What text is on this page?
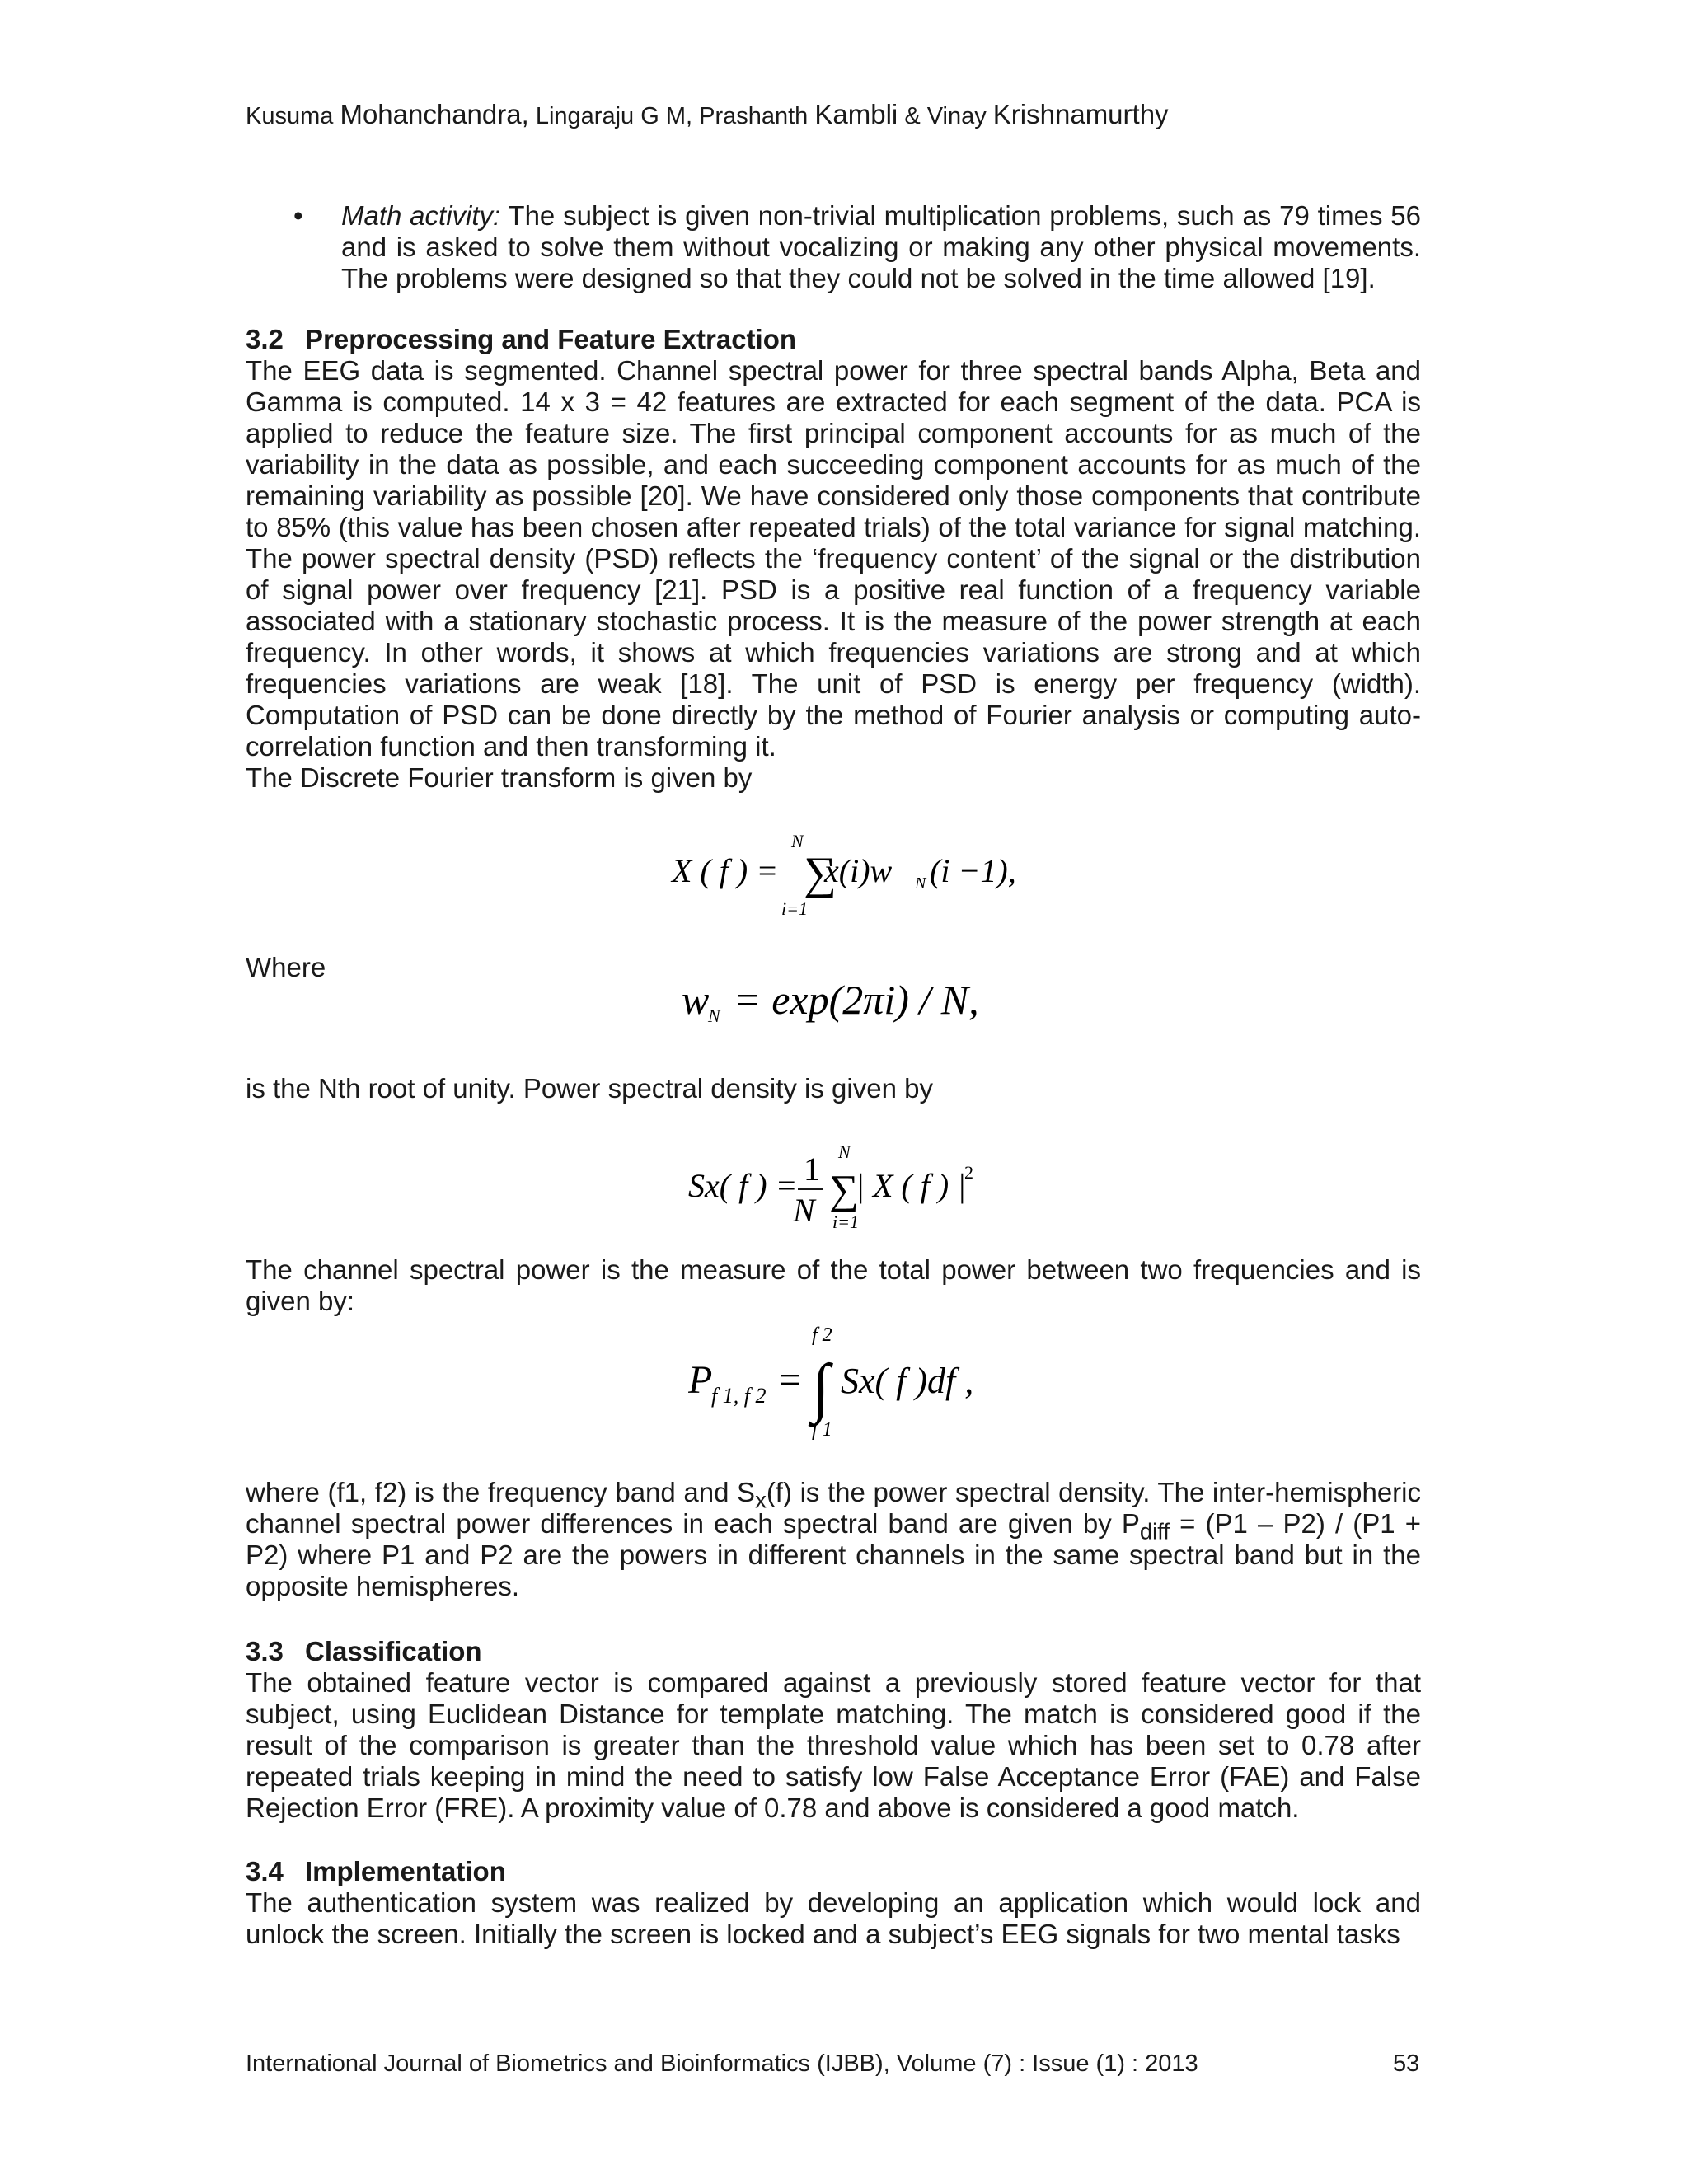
Kusuma Mohanchandra, Lingaraju G M, Prashanth Kambli & Vinay Krishnamurthy
• Math activity: The subject is given non-trivial multiplication problems, such as 79 times 56 and is asked to solve them without vocalizing or making any other physical movements. The problems were designed so that they could not be solved in the time allowed [19].

3.2 Preprocessing and Feature Extraction

The EEG data is segmented. Channel spectral power for three spectral bands Alpha, Beta and Gamma is computed. 14 x 3 = 42 features are extracted for each segment of the data. PCA is applied to reduce the feature size. The first principal component accounts for as much of the variability in the data as possible, and each succeeding component accounts for as much of the remaining variability as possible [20]. We have considered only those components that contribute to 85% (this value has been chosen after repeated trials) of the total variance for signal matching. The power spectral density (PSD) reflects the ‘frequency content’ of the signal or the distribution of signal power over frequency [21]. PSD is a positive real function of a frequency variable associated with a stationary stochastic process. It is the measure of the power strength at each frequency. In other words, it shows at which frequencies variations are strong and at which frequencies variations are weak [18]. The unit of PSD is energy per frequency (width). Computation of PSD can be done directly by the method of Fourier analysis or computing auto-correlation function and then transforming it.

The Discrete Fourier transform is given by

X ( f ) = ∑
N
i=1
x(i)w N (i −1),
Where
w
N = exp(2πi) / N,

is the Nth root of unity. Power spectral density is given by

Sx( f ) = 1
N ∑
N
i=1
| X ( f ) |
2

The channel spectral power is the measure of the total power between two frequencies and is given by:

P
f 1, f 2 = ∫
f 2
f 1
Sx( f )df ,

where (f1, f2) is the frequency band and $S_x(f)$ is the power spectral density. The inter-hemispheric channel spectral power differences in each spectral band are given by $P_{diff} = (P1 - P2) / (P1 + P2)$ where P1 and P2 are the powers in different channels in the same spectral band but in the opposite hemispheres.

3.3 Classification

The obtained feature vector is compared against a previously stored feature vector for that subject, using Euclidean Distance for template matching. The match is considered good if the result of the comparison is greater than the threshold value which has been set to 0.78 after repeated trials keeping in mind the need to satisfy low False Acceptance Error (FAE) and False Rejection Error (FRE). A proximity value of 0.78 and above is considered a good match.

3.4 Implementation

The authentication system was realized by developing an application which would lock and unlock the screen. Initially the screen is locked and a subject’s EEG signals for two mental tasks

International Journal of Biometrics and Bioinformatics (IJBB), Volume (7) : Issue (1) : 2013	53
